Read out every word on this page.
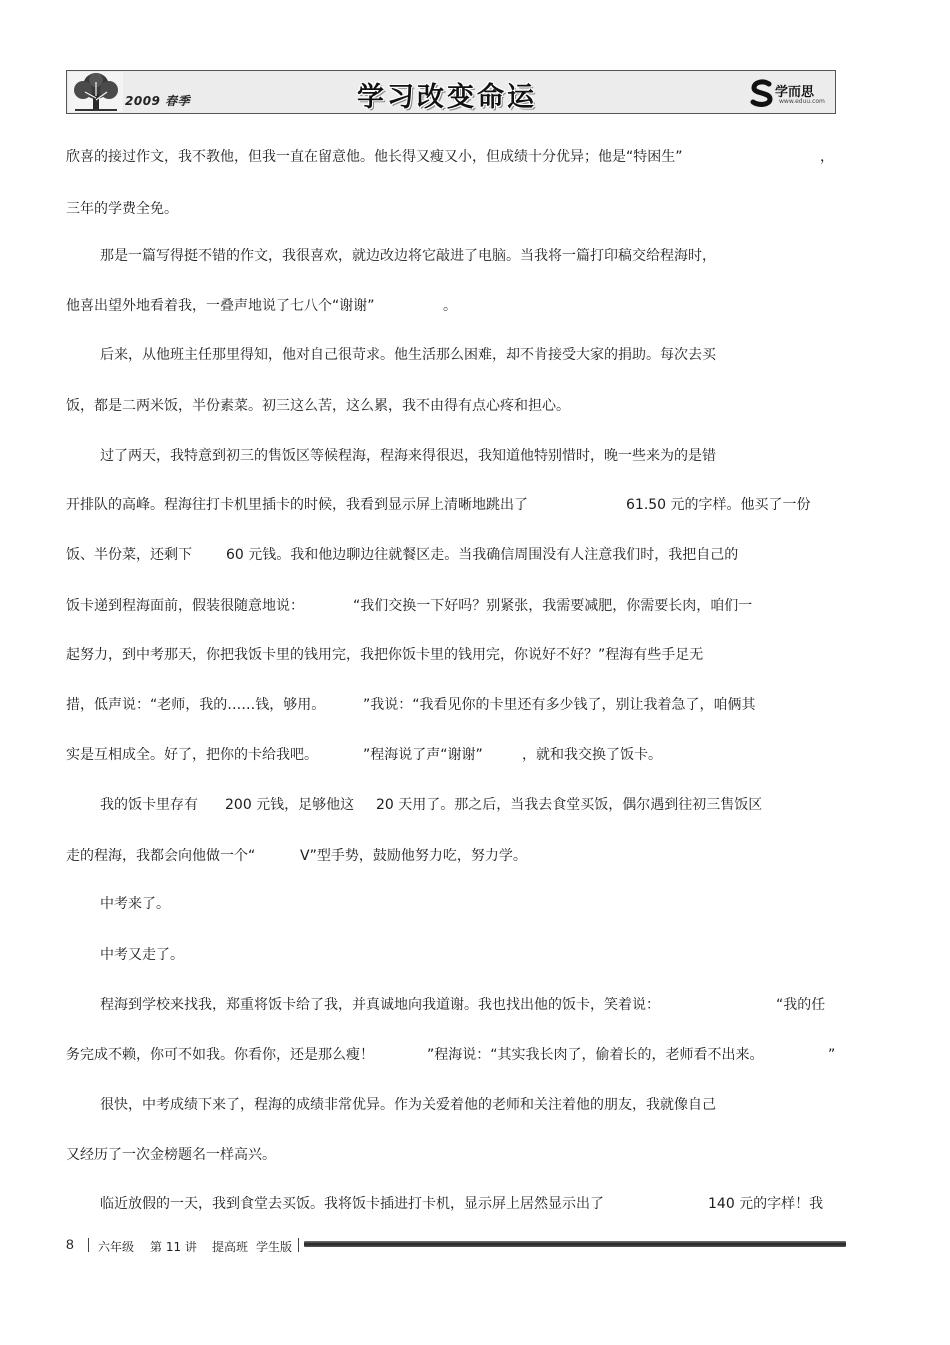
2009 春季	学习改变命运	学而思
www.eduu.com
欣喜的接过作文，我不教他，但我一直在留意他。他长得又瘦又小，但成绩十分优异；他是“特困生”	，
三年的学费全免。
那是一篇写得挺不错的作文，我很喜欢，就边改边将它敲进了电脑。当我将一篇打印稿交给程海时，
他喜出望外地看着我，一叠声地说了七八个“谢谢”	。
后来，从他班主任那里得知，他对自己很苛求。他生活那么困难，却不肯接受大家的捐助。每次去买
饭，都是二两米饭，半份素菜。初三这么苦，这么累，我不由得有点心疼和担心。
过了两天，我特意到初三的售饭区等候程海，程海来得很迟，我知道他特别惜时，晚一些来为的是错
开排队的高峰。程海往打卡机里插卡的时候，我看到显示屏上清晰地跳出了	61.50 元的字样。他买了一份
饭、半份菜，还剩下 60 元钱。我和他边聊边往就餐区走。当我确信周围没有人注意我们时，我把自己的
饭卡递到程海面前，假装很随意地说：	“我们交换一下好吗？别紧张，我需要减肥，你需要长肉，咱们一
起努力，到中考那天，你把我饭卡里的钱用完，我把你饭卡里的钱用完，你说好不好？”程海有些手足无
措，低声说：“老师，我的……钱，够用。	”我说：“我看见你的卡里还有多少钱了，别让我着急了，咱俩其
实是互相成全。好了，把你的卡给我吧。	”程海说了声“谢谢”	，就和我交换了饭卡。
我的饭卡里存有 200 元钱，足够他这 20 天用了。那之后，当我去食堂买饭，偶尔遇到往初三售饭区
走的程海，我都会向他做一个“	V”型手势，鼓励他努力吃，努力学。
中考来了。
中考又走了。
程海到学校来找我，郑重将饭卡给了我，并真诚地向我道谢。我也找出他的饭卡，笑着说：	“我的任
务完成不赖，你可不如我。你看你，还是那么瘦！	”程海说：“其实我长肉了，偷着长的，老师看不出来。	”
很快，中考成绩下来了，程海的成绩非常优异。作为关爱着他的老师和关注着他的朋友，我就像自己
又经历了一次金榜题名一样高兴。
临近放假的一天，我到食堂去买饭。我将饭卡插进打卡机，显示屏上居然显示出了	140 元的字样！我
8 六年级 第 11 讲 提高班 学生版
